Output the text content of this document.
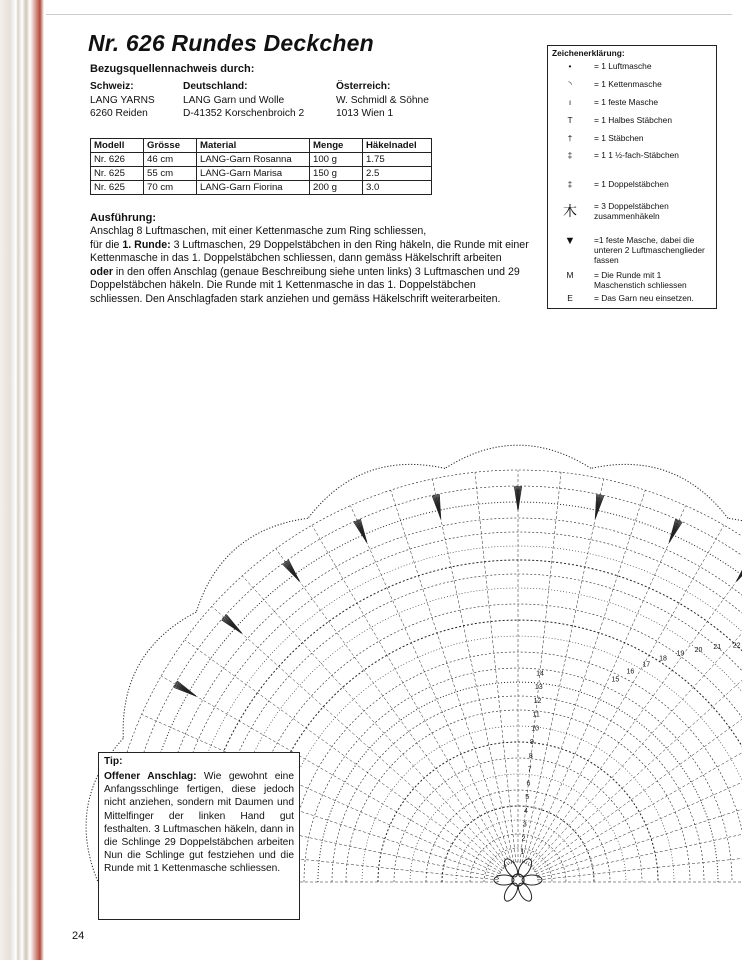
Nr. 626 Rundes Deckchen
Bezugsquellennachweis durch:
Schweiz:
LANG YARNS
6260 Reiden
Deutschland:
LANG Garn und Wolle
D-41352 Korschenbroich 2
Österreich:
W. Schmidl & Söhne
1013 Wien 1
Modell	Grösse	Material	Menge	Häkelnadel
Nr. 626	46 cm	LANG-Garn Rosanna	100 g	1.75
Nr. 625	55 cm	LANG-Garn Marisa	150 g	2.5
Nr. 625	70 cm	LANG-Garn Fiorina	200 g	3.0
Ausführung:

Anschlag 8 Luftmaschen, mit einer Kettenmasche zum Ring schliessen,

für die 1. Runde: 3 Luftmaschen, 29 Doppelstäbchen in den Ring häkeln, die Runde mit einer Kettenmasche in das 1. Doppelstäbchen schliessen, dann gemäss Häkelschrift arbeiten

oder in den offen Anschlag (genaue Beschreibung siehe unten links) 3 Luftmaschen und 29 Doppelstäbchen häkeln. Die Runde mit 1 Kettenmasche in das 1. Doppelstäbchen schliessen. Den Anschlagfaden stark anziehen und gemäss Häkelschrift weiterarbeiten.

Zeichenerklärung:
•	= 1 Luftmasche
◝	= 1 Kettenmasche
ı	= 1 feste Masche
T	= 1 Halbes Stäbchen
†	= 1 Stäbchen
‡	= 1 1 ½-fach-Stäbchen
‡	= 1 Doppelstäbchen
木	= 3 Doppelstäbchen zusammenhäkeln
▼	=1 feste Masche, dabei die unteren 2 Luftmaschenglieder fassen
M	= Die Runde mit 1 Maschenstich schliessen
E	= Das Garn neu einsetzen.
1
2
3
4
5
6
7
8
9
10
11
12
13
14
15
16
17
18
19
20 21 22
Tip:
Offener Anschlag: Wie gewohnt eine Anfangsschlinge fertigen, diese jedoch nicht anziehen, sondern mit Daumen und Mittelfinger der linken Hand gut festhalten. 3 Luftmaschen häkeln, dann in die Schlinge 29 Doppelstäbchen arbeiten Nun die Schlinge gut festziehen und die Runde mit 1 Kettenmasche schliessen.
24
